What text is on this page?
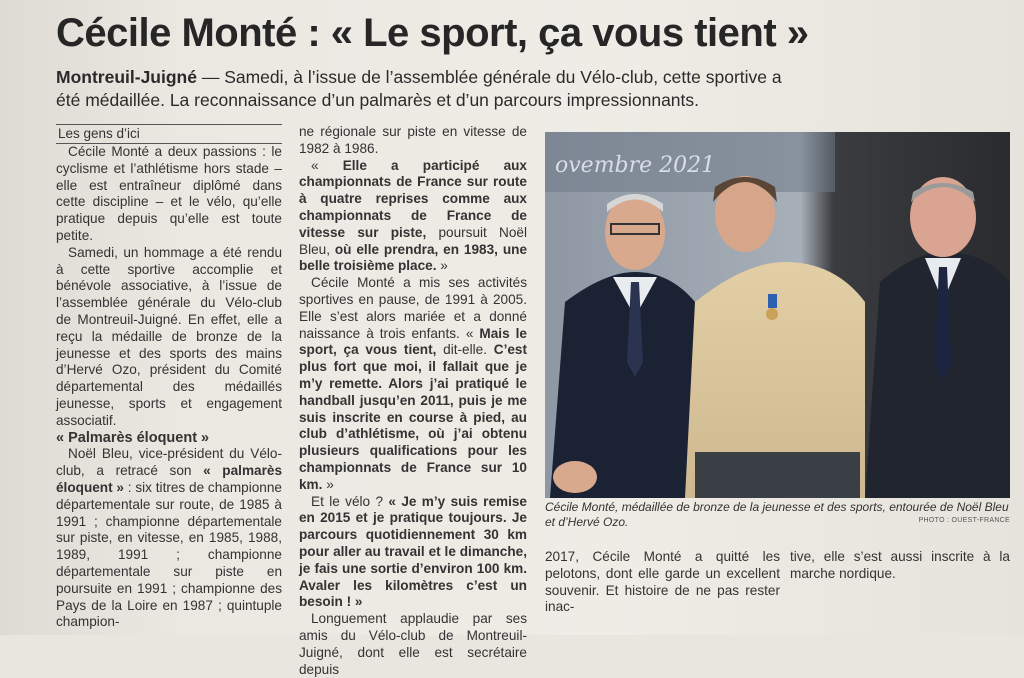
Cécile Monté : « Le sport, ça vous tient »
Montreuil-Juigné — Samedi, à l’issue de l’assemblée générale du Vélo-club, cette sportive a été médaillée. La reconnaissance d’un palmarès et d’un parcours impressionnants.

Les gens d’ici

Cécile Monté a deux passions : le cyclisme et l’athlétisme hors stade – elle est entraîneur diplômé dans cette discipline – et le vélo, qu’elle pratique depuis qu’elle est toute petite.

Samedi, un hommage a été rendu à cette sportive accomplie et bénévole associative, à l’issue de l’assemblée générale du Vélo-club de Montreuil-Juigné. En effet, elle a reçu la médaille de bronze de la jeunesse et des sports des mains d’Hervé Ozo, président du Comité départemental des médaillés jeunesse, sports et engagement associatif.

« Palmarès éloquent »

Noël Bleu, vice-président du Vélo-club, a retracé son « palmarès éloquent » : six titres de championne départementale sur route, de 1985 à 1991 ; championne départementale sur piste, en vitesse, en 1985, 1988, 1989, 1991 ; championne départementale sur piste en poursuite en 1991 ; championne des Pays de la Loire en 1987 ; quintuple champion-

ne régionale sur piste en vitesse de 1982 à 1986.

« Elle a participé aux championnats de France sur route à quatre reprises comme aux championnats de France de vitesse sur piste, poursuit Noël Bleu, où elle prendra, en 1983, une belle troisième place. »

Cécile Monté a mis ses activités sportives en pause, de 1991 à 2005. Elle s’est alors mariée et a donné naissance à trois enfants. « Mais le sport, ça vous tient, dit-elle. C’est plus fort que moi, il fallait que je m’y remette. Alors j’ai pratiqué le handball jusqu’en 2011, puis je me suis inscrite en course à pied, au club d’athlétisme, où j’ai obtenu plusieurs qualifications pour les championnats de France sur 10 km. »

Et le vélo ? « Je m’y suis remise en 2015 et je pratique toujours. Je parcours quotidiennement 30 km pour aller au travail et le dimanche, je fais une sortie d’environ 100 km. Avaler les kilomètres c’est un besoin ! »

Longuement applaudie par ses amis du Vélo-club de Montreuil-Juigné, dont elle est secrétaire depuis

ovembre 2021
Cécile Monté, médaillée de bronze de la jeunesse et des sports, entourée de Noël Bleu et d’Hervé Ozo.	PHOTO : OUEST-FRANCE
2017, Cécile Monté a quitté les pelotons, dont elle garde un excellent souvenir. Et histoire de ne pas rester inac-
tive, elle s’est aussi inscrite à la marche nordique.
